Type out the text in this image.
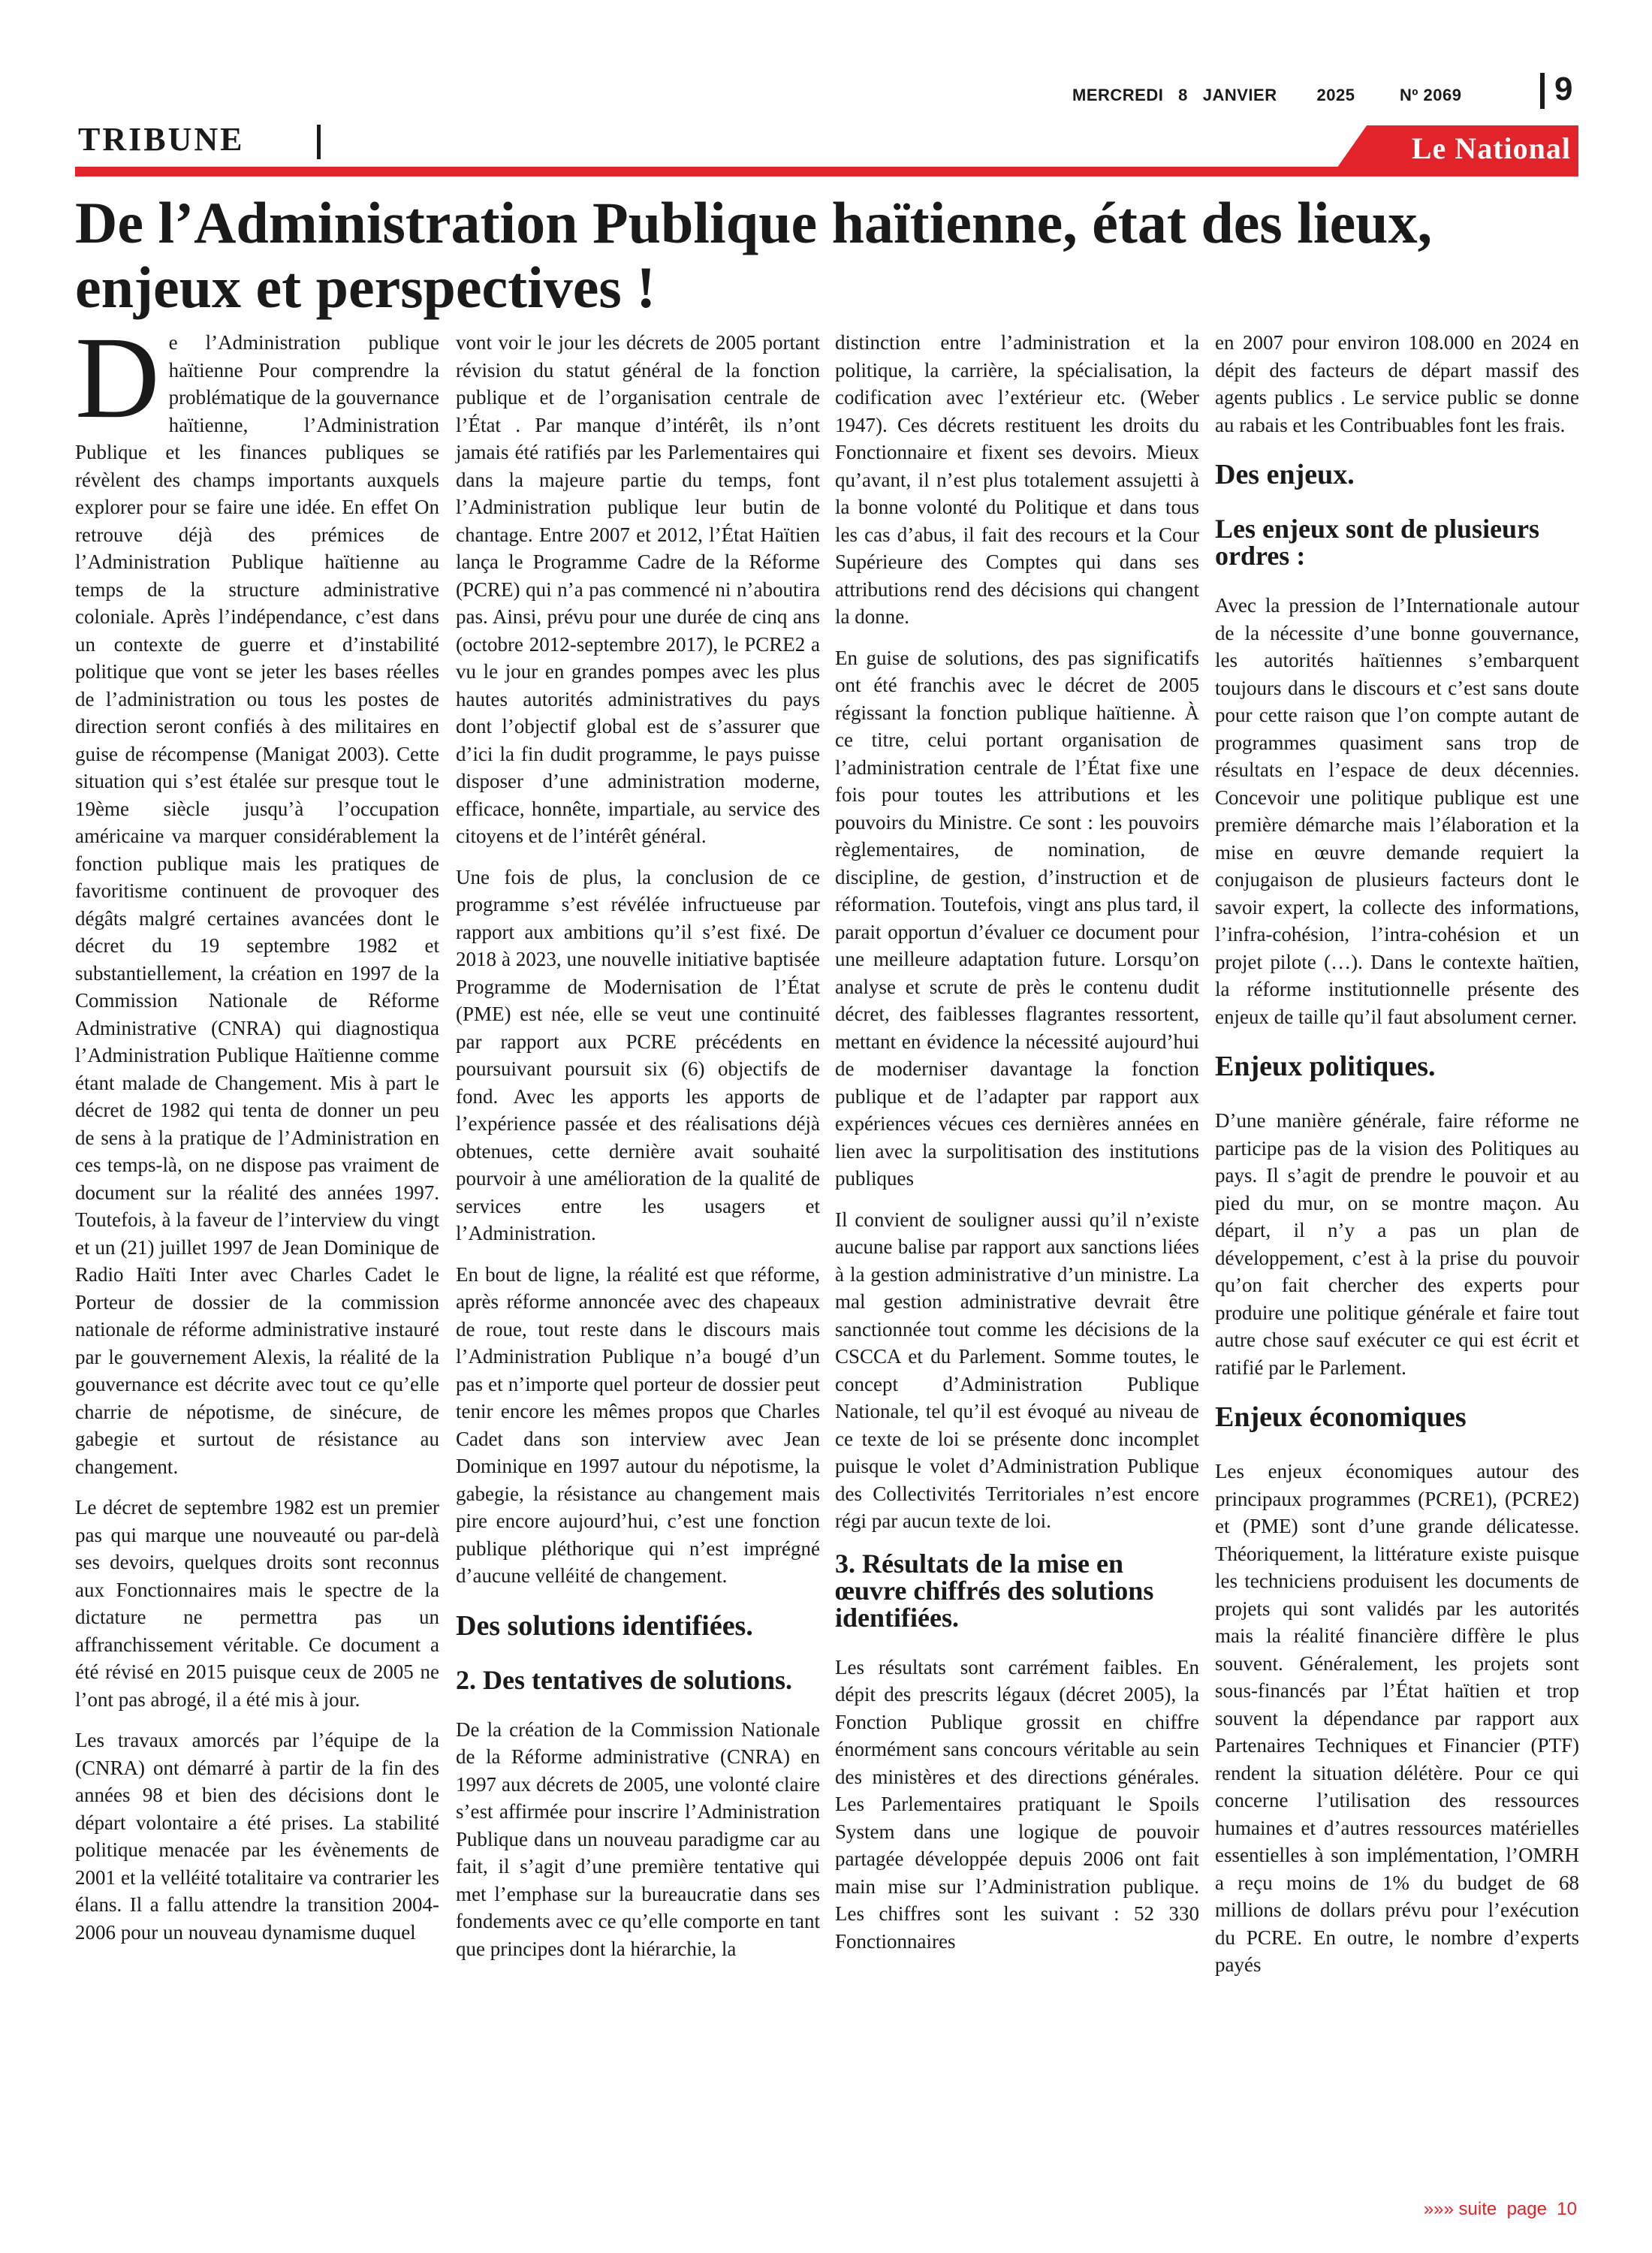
MERCREDI   8   JANVIER        2025         Nº 2069	9
TRIBUNE	Le National
De l’Administration Publique haïtienne, état des lieux, enjeux et perspectives !

De l’Administration publique haïtienne Pour comprendre la problématique de la gouvernance haïtienne, l’Administration Publique et les finances publiques se révèlent des champs importants auxquels explorer pour se faire une idée. En effet On retrouve déjà des prémices de l’Administration Publique haïtienne au temps de la structure administrative coloniale. Après l’indépendance, c’est dans un contexte de guerre et d’instabilité politique que vont se jeter les bases réelles de l’administration ou tous les postes de direction seront confiés à des militaires en guise de récompense (Manigat 2003). Cette situation qui s’est étalée sur presque tout le 19ème siècle jusqu’à l’occupation américaine va marquer considérablement la fonction publique mais les pratiques de favoritisme continuent de provoquer des dégâts malgré certaines avancées dont le décret du 19 septembre 1982 et substantiellement, la création en 1997 de la Commission Nationale de Réforme Administrative (CNRA) qui diagnostiqua l’Administration Publique Haïtienne comme étant malade de Changement. Mis à part le décret de 1982 qui tenta de donner un peu de sens à la pratique de l’Administration en ces temps-là, on ne dispose pas vraiment de document sur la réalité des années 1997. Toutefois, à la faveur de l’interview du vingt et un (21) juillet 1997 de Jean Dominique de Radio Haïti Inter avec Charles Cadet le Porteur de dossier de la commission nationale de réforme administrative instauré par le gouvernement Alexis, la réalité de la gouvernance est décrite avec tout ce qu’elle charrie de népotisme, de sinécure, de gabegie et surtout de résistance au changement.

Le décret de septembre 1982 est un premier pas qui marque une nouveauté ou par-delà ses devoirs, quelques droits sont reconnus aux Fonctionnaires mais le spectre de la dictature ne permettra pas un affranchissement véritable. Ce document a été révisé en 2015 puisque ceux de 2005 ne l’ont pas abrogé, il a été mis à jour.

Les travaux amorcés par l’équipe de la (CNRA) ont démarré à partir de la fin des années 98 et bien des décisions dont le départ volontaire a été prises. La stabilité politique menacée par les évènements de 2001 et la velléité totalitaire va contrarier les élans. Il a fallu attendre la transition 2004-2006 pour un nouveau dynamisme duquel

vont voir le jour les décrets de 2005 portant révision du statut général de la fonction publique et de l’organisation centrale de l’État . Par manque d’intérêt, ils n’ont jamais été ratifiés par les Parlementaires qui dans la majeure partie du temps, font l’Administration publique leur butin de chantage. Entre 2007 et 2012, l’État Haïtien lança le Programme Cadre de la Réforme (PCRE) qui n’a pas commencé ni n’aboutira pas. Ainsi, prévu pour une durée de cinq ans (octobre 2012-septembre 2017), le PCRE2 a vu le jour en grandes pompes avec les plus hautes autorités administratives du pays dont l’objectif global est de s’assurer que d’ici la fin dudit programme, le pays puisse disposer d’une administration moderne, efficace, honnête, impartiale, au service des citoyens et de l’intérêt général.

Une fois de plus, la conclusion de ce programme s’est révélée infructueuse par rapport aux ambitions qu’il s’est fixé. De 2018 à 2023, une nouvelle initiative baptisée Programme de Modernisation de l’État (PME) est née, elle se veut une continuité par rapport aux PCRE précédents en poursuivant poursuit six (6) objectifs de fond. Avec les apports les apports de l’expérience passée et des réalisations déjà obtenues, cette dernière avait souhaité pourvoir à une amélioration de la qualité de services entre les usagers et l’Administration.

En bout de ligne, la réalité est que réforme, après réforme annoncée avec des chapeaux de roue, tout reste dans le discours mais l’Administration Publique n’a bougé d’un pas et n’importe quel porteur de dossier peut tenir encore les mêmes propos que Charles Cadet dans son interview avec Jean Dominique en 1997 autour du népotisme, la gabegie, la résistance au changement mais pire encore aujourd’hui, c’est une fonction publique pléthorique qui n’est imprégné d’aucune velléité de changement.

Des solutions identifiées.
2. Des tentatives de solutions.

De la création de la Commission Nationale de la Réforme administrative (CNRA) en 1997 aux décrets de 2005, une volonté claire s’est affirmée pour inscrire l’Administration Publique dans un nouveau paradigme car au fait, il s’agit d’une première tentative qui met l’emphase sur la bureaucratie dans ses fondements avec ce qu’elle comporte en tant que principes dont la hiérarchie, la

distinction entre l’administration et la politique, la carrière, la spécialisation, la codification avec l’extérieur etc. (Weber 1947). Ces décrets restituent les droits du Fonctionnaire et fixent ses devoirs. Mieux qu’avant, il n’est plus totalement assujetti à la bonne volonté du Politique et dans tous les cas d’abus, il fait des recours et la Cour Supérieure des Comptes qui dans ses attributions rend des décisions qui changent la donne.

En guise de solutions, des pas significatifs ont été franchis avec le décret de 2005 régissant la fonction publique haïtienne. À ce titre, celui portant organisation de l’administration centrale de l’État fixe une fois pour toutes les attributions et les pouvoirs du Ministre. Ce sont : les pouvoirs règlementaires, de nomination, de discipline, de gestion, d’instruction et de réformation. Toutefois, vingt ans plus tard, il parait opportun d’évaluer ce document pour une meilleure adaptation future. Lorsqu’on analyse et scrute de près le contenu dudit décret, des faiblesses flagrantes ressortent, mettant en évidence la nécessité aujourd’hui de moderniser davantage la fonction publique et de l’adapter par rapport aux expériences vécues ces dernières années en lien avec la surpolitisation des institutions publiques

Il convient de souligner aussi qu’il n’existe aucune balise par rapport aux sanctions liées à la gestion administrative d’un ministre. La mal gestion administrative devrait être sanctionnée tout comme les décisions de la CSCCA et du Parlement. Somme toutes, le concept d’Administration Publique Nationale, tel qu’il est évoqué au niveau de ce texte de loi se présente donc incomplet puisque le volet d’Administration Publique des Collectivités Territoriales n’est encore régi par aucun texte de loi.

3. Résultats de la mise en œuvre chiffrés des solutions identifiées.

Les résultats sont carrément faibles. En dépit des prescrits légaux (décret 2005), la Fonction Publique grossit en chiffre énormément sans concours véritable au sein des ministères et des directions générales. Les Parlementaires pratiquant le Spoils System dans une logique de pouvoir partagée développée depuis 2006 ont fait main mise sur l’Administration publique. Les chiffres sont les suivant : 52 330 Fonctionnaires

en 2007 pour environ 108.000 en 2024 en dépit des facteurs de départ massif des agents publics . Le service public se donne au rabais et les Contribuables font les frais.

Des enjeux.
Les enjeux sont de plusieurs ordres :

Avec la pression de l’Internationale autour de la nécessite d’une bonne gouvernance, les autorités haïtiennes s’embarquent toujours dans le discours et c’est sans doute pour cette raison que l’on compte autant de programmes quasiment sans trop de résultats en l’espace de deux décennies. Concevoir une politique publique est une première démarche mais l’élaboration et la mise en œuvre demande requiert la conjugaison de plusieurs facteurs dont le savoir expert, la collecte des informations, l’infra-cohésion, l’intra-cohésion et un projet pilote (…). Dans le contexte haïtien, la réforme institutionnelle présente des enjeux de taille qu’il faut absolument cerner.

Enjeux politiques.

D’une manière générale, faire réforme ne participe pas de la vision des Politiques au pays. Il s’agit de prendre le pouvoir et au pied du mur, on se montre maçon. Au départ, il n’y a pas un plan de développement, c’est à la prise du pouvoir qu’on fait chercher des experts pour produire une politique générale et faire tout autre chose sauf exécuter ce qui est écrit et ratifié par le Parlement.

Enjeux économiques

Les enjeux économiques autour des principaux programmes (PCRE1), (PCRE2) et (PME) sont d’une grande délicatesse. Théoriquement, la littérature existe puisque les techniciens produisent les documents de projets qui sont validés par les autorités mais la réalité financière diffère le plus souvent. Généralement, les projets sont sous-financés par l’État haïtien et trop souvent la dépendance par rapport aux Partenaires Techniques et Financier (PTF) rendent la situation délétère. Pour ce qui concerne l’utilisation des ressources humaines et d’autres ressources matérielles essentielles à son implémentation, l’OMRH a reçu moins de 1% du budget de 68 millions de dollars prévu pour l’exécution du PCRE. En outre, le nombre d’experts payés

»»» suite  page  10
